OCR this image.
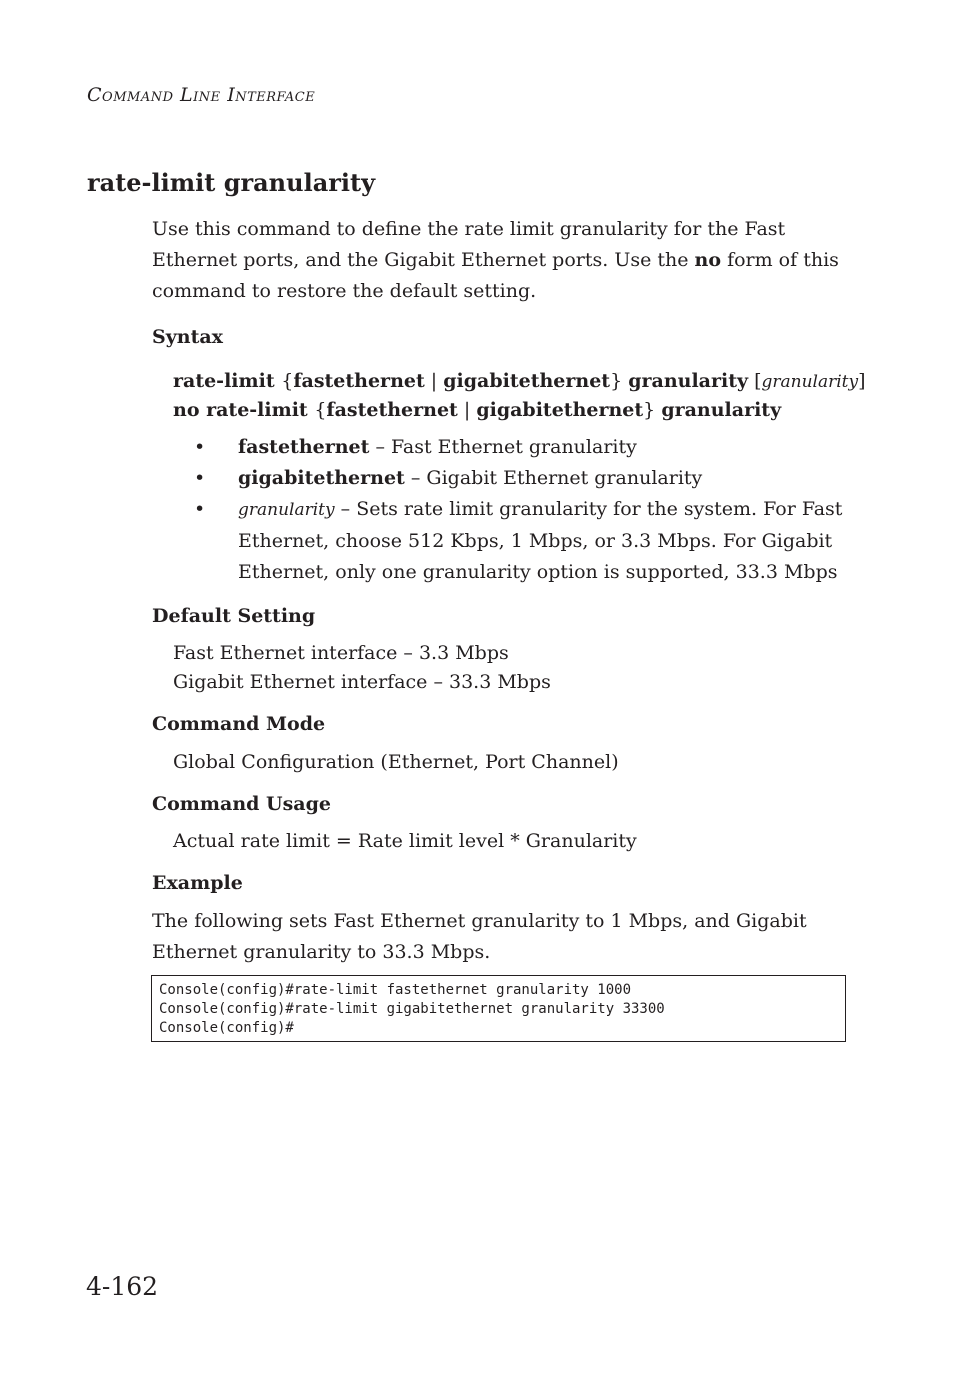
Command Line Interface
rate-limit granularity

Use this command to define the rate limit granularity for the Fast Ethernet ports, and the Gigabit Ethernet ports. Use the no form of this command to restore the default setting.

Syntax
rate-limit {fastethernet | gigabitethernet} granularity [granularity]
no rate-limit {fastethernet | gigabitethernet} granularity
• fastethernet – Fast Ethernet granularity
• gigabitethernet – Gigabit Ethernet granularity
• granularity – Sets rate limit granularity for the system. For Fast Ethernet, choose 512 Kbps, 1 Mbps, or 3.3 Mbps. For Gigabit Ethernet, only one granularity option is supported, 33.3 Mbps
Default Setting
Fast Ethernet interface – 3.3 Mbps
Gigabit Ethernet interface – 33.3 Mbps
Command Mode
Global Configuration (Ethernet, Port Channel)
Command Usage
Actual rate limit = Rate limit level * Granularity
Example

The following sets Fast Ethernet granularity to 1 Mbps, and Gigabit Ethernet granularity to 33.3 Mbps.

Console(config)#rate-limit fastethernet granularity 1000
Console(config)#rate-limit gigabitethernet granularity 33300
Console(config)#
4-162
